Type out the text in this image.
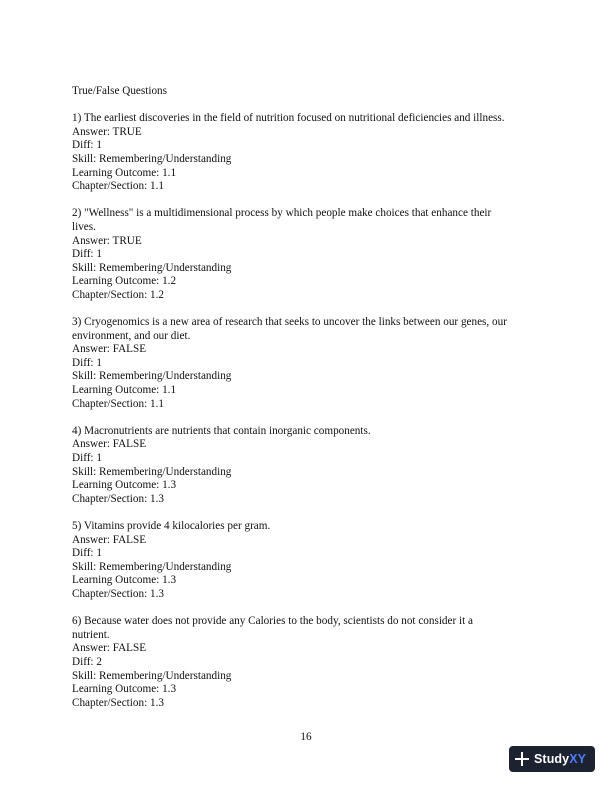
True/False Questions
1) The earliest discoveries in the field of nutrition focused on nutritional deficiencies and illness.
Answer: TRUE
Diff: 1
Skill: Remembering/Understanding
Learning Outcome: 1.1
Chapter/Section: 1.1
2) "Wellness" is a multidimensional process by which people make choices that enhance their
lives.
Answer: TRUE
Diff: 1
Skill: Remembering/Understanding
Learning Outcome: 1.2
Chapter/Section: 1.2
3) Cryogenomics is a new area of research that seeks to uncover the links between our genes, our
environment, and our diet.
Answer: FALSE
Diff: 1
Skill: Remembering/Understanding
Learning Outcome: 1.1
Chapter/Section: 1.1
4) Macronutrients are nutrients that contain inorganic components.
Answer: FALSE
Diff: 1
Skill: Remembering/Understanding
Learning Outcome: 1.3
Chapter/Section: 1.3
5) Vitamins provide 4 kilocalories per gram.
Answer: FALSE
Diff: 1
Skill: Remembering/Understanding
Learning Outcome: 1.3
Chapter/Section: 1.3
6) Because water does not provide any Calories to the body, scientists do not consider it a
nutrient.
Answer: FALSE
Diff: 2
Skill: Remembering/Understanding
Learning Outcome: 1.3
Chapter/Section: 1.3
16
StudyXY
